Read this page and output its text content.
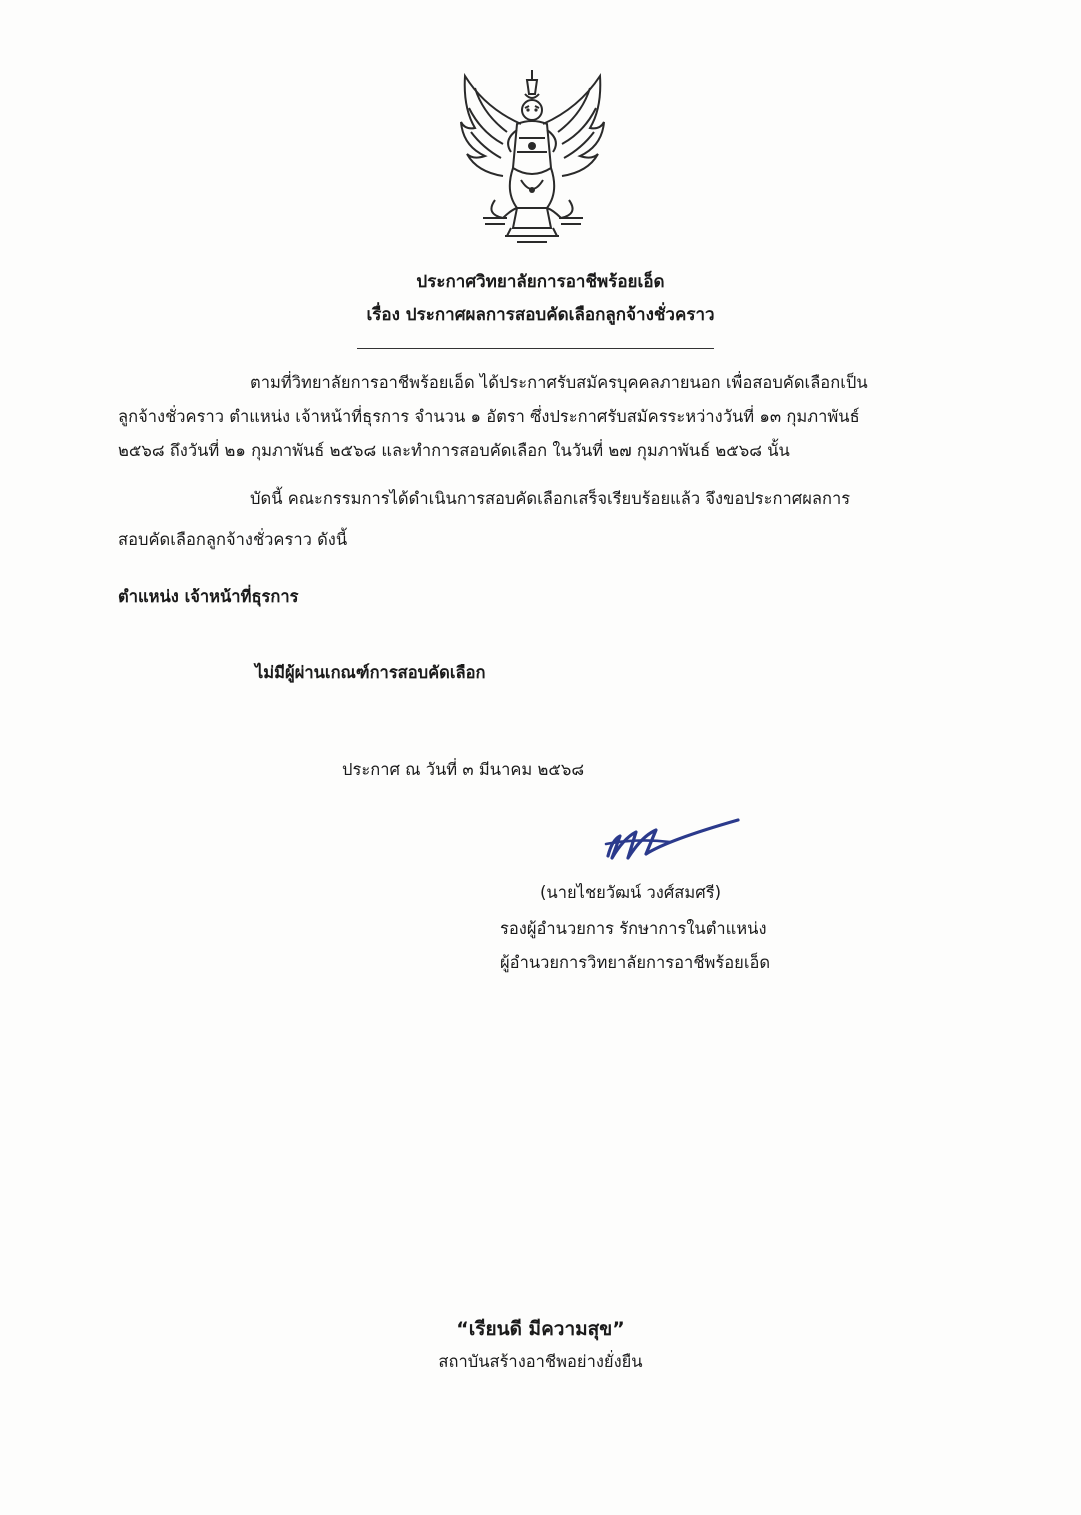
ประกาศวิทยาลัยการอาชีพร้อยเอ็ด
เรื่อง ประกาศผลการสอบคัดเลือกลูกจ้างชั่วคราว
ตามที่วิทยาลัยการอาชีพร้อยเอ็ด ได้ประกาศรับสมัครบุคคลภายนอก เพื่อสอบคัดเลือกเป็น
ลูกจ้างชั่วคราว ตำแหน่ง เจ้าหน้าที่ธุรการ จำนวน ๑ อัตรา ซึ่งประกาศรับสมัครระหว่างวันที่ ๑๓ กุมภาพันธ์
๒๕๖๘ ถึงวันที่ ๒๑ กุมภาพันธ์ ๒๕๖๘ และทำการสอบคัดเลือก ในวันที่ ๒๗ กุมภาพันธ์ ๒๕๖๘ นั้น
บัดนี้ คณะกรรมการได้ดำเนินการสอบคัดเลือกเสร็จเรียบร้อยแล้ว จึงขอประกาศผลการ
สอบคัดเลือกลูกจ้างชั่วคราว ดังนี้
ตำแหน่ง เจ้าหน้าที่ธุรการ
ไม่มีผู้ผ่านเกณฑ์การสอบคัดเลือก
ประกาศ ณ วันที่ ๓ มีนาคม ๒๕๖๘
(นายไชยวัฒน์ วงศ์สมศรี)
รองผู้อำนวยการ รักษาการในตำแหน่ง
ผู้อำนวยการวิทยาลัยการอาชีพร้อยเอ็ด
“เรียนดี มีความสุข”
สถาบันสร้างอาชีพอย่างยั่งยืน
